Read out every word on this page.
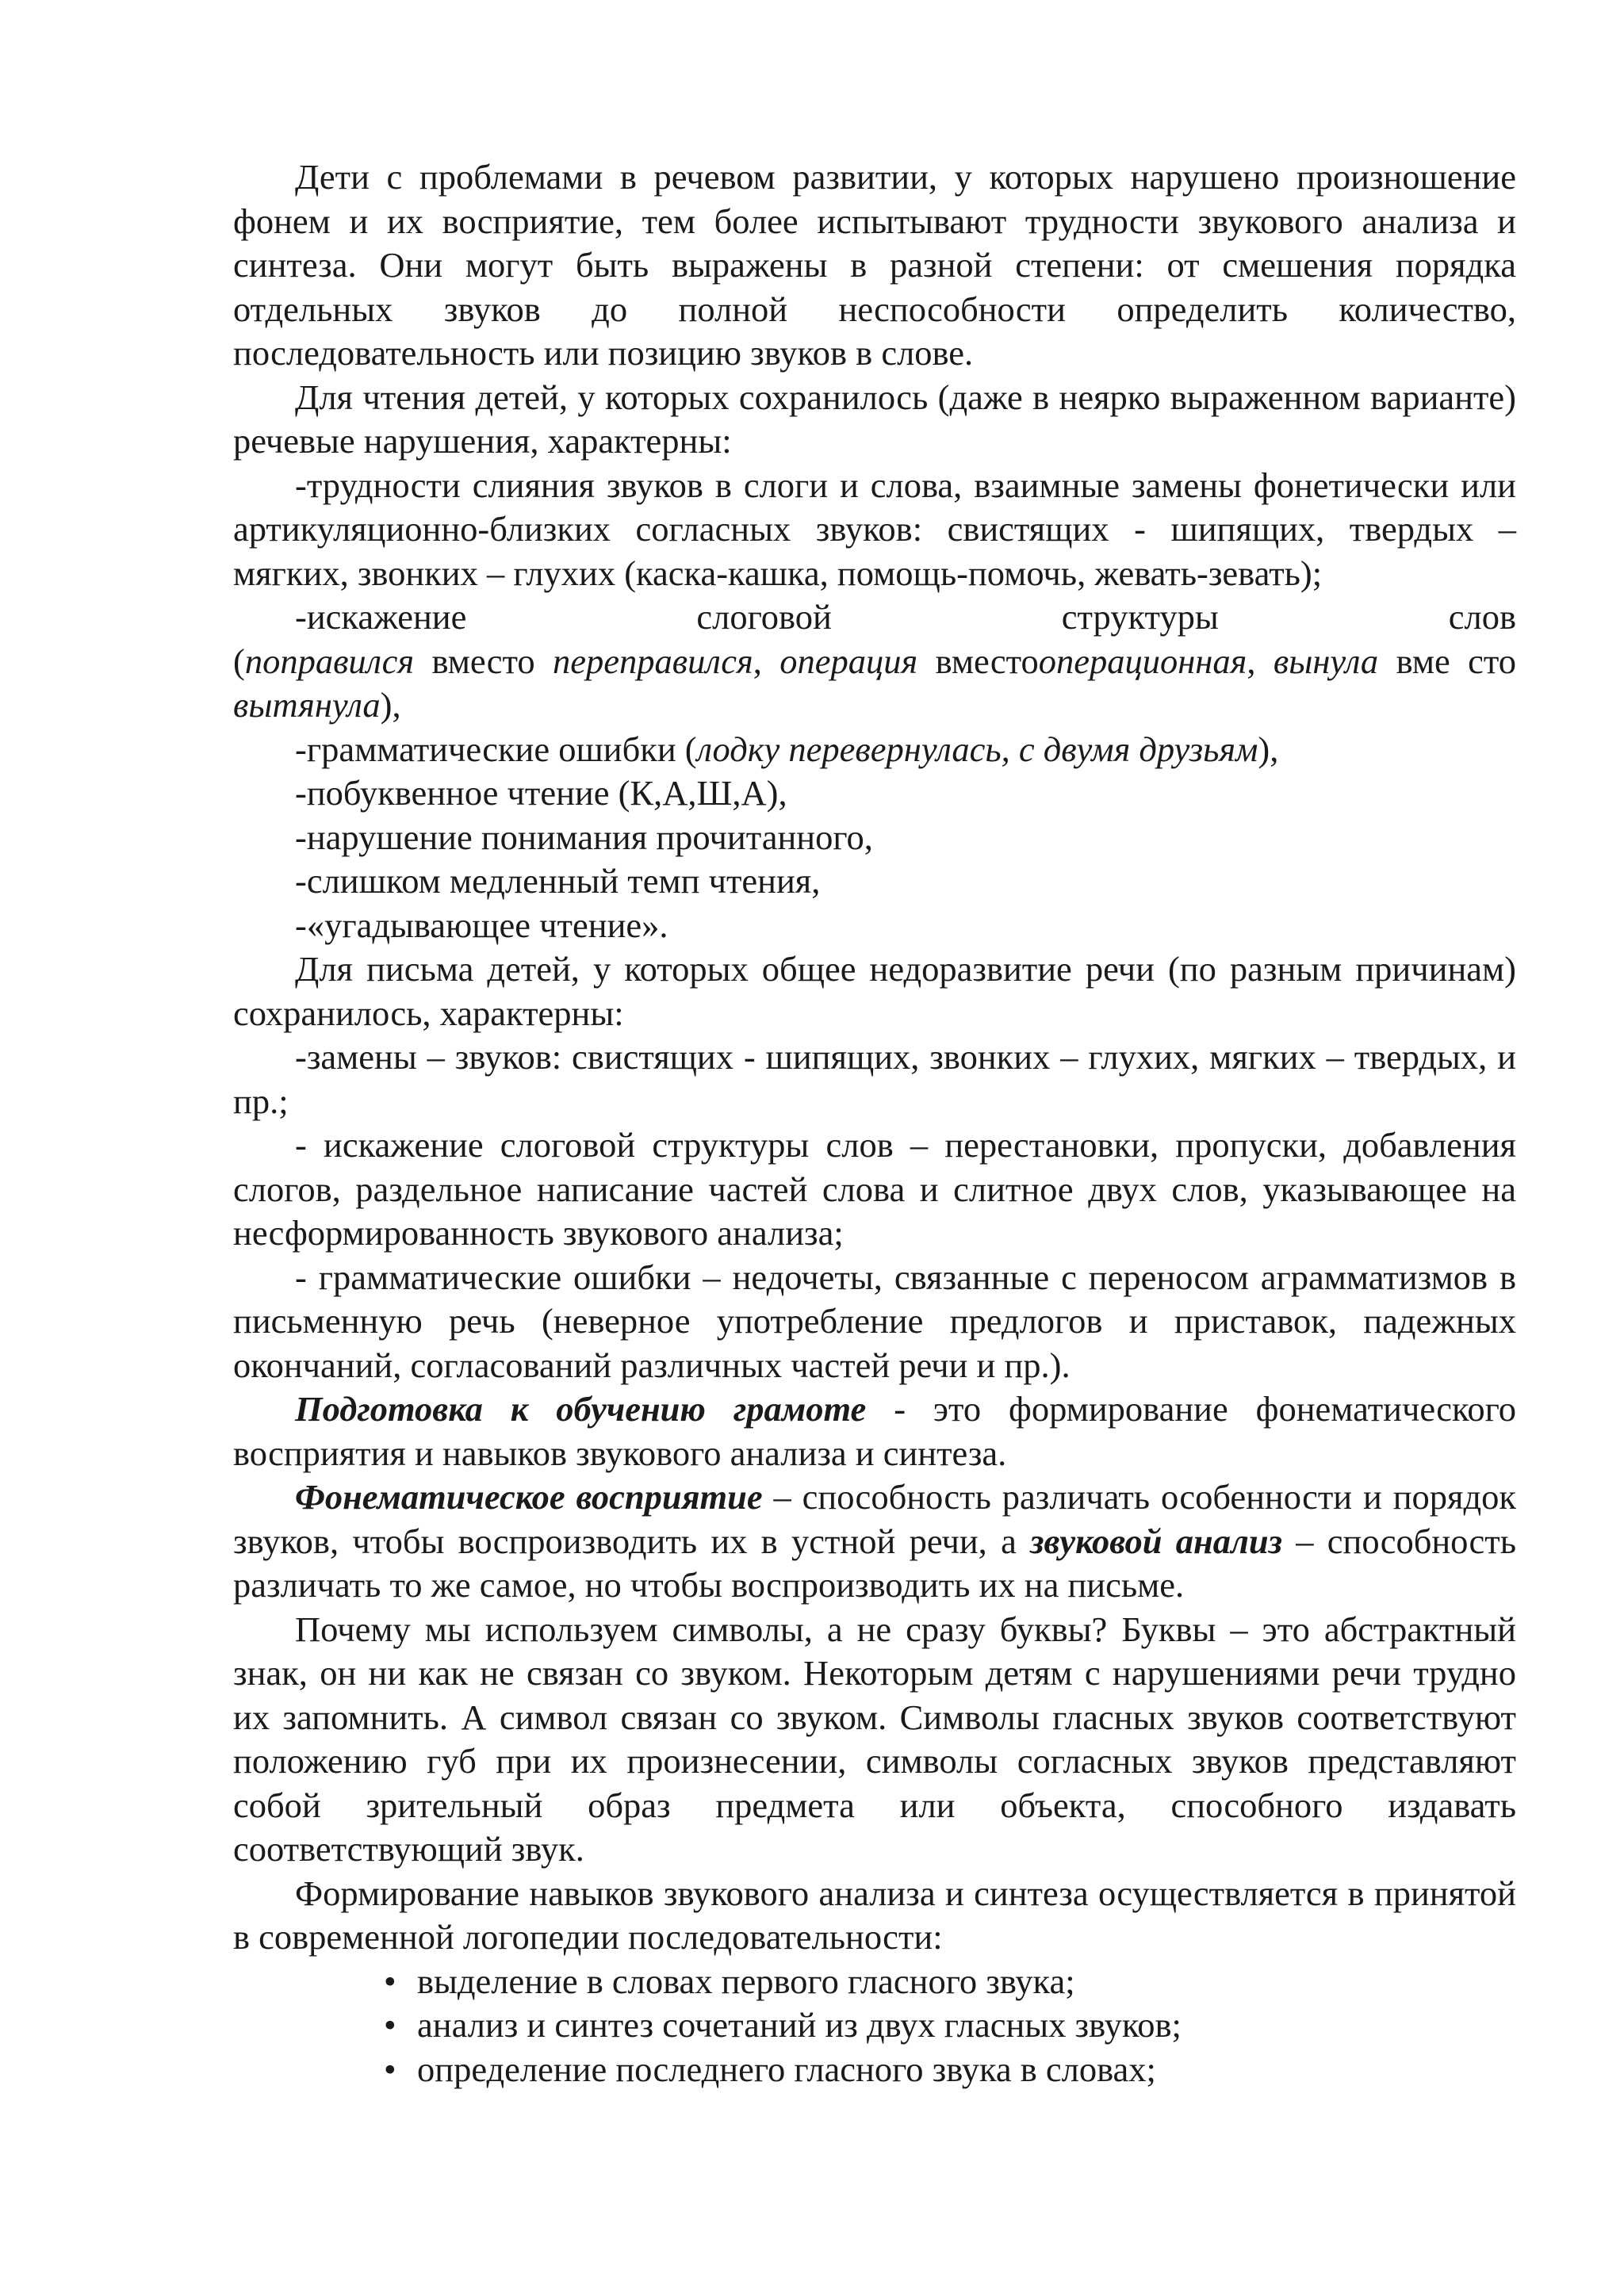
Дети с проблемами в речевом развитии, у которых нарушено произношение фонем и их восприятие, тем более испытывают трудности звукового анализа и синтеза. Они могут быть выражены в разной степени: от смешения порядка отдельных звуков до полной неспособности определить количество, последовательность или позицию звуков в слове.

Для чтения детей, у которых сохранилось (даже в неярко выраженном варианте) речевые нарушения, характерны:

-трудности слияния звуков в слоги и слова, взаимные замены фонетически или артикуляционно-близких согласных звуков: свистящих - шипящих, твердых – мягких, звонких – глухих (каска-кашка, помощь-помочь, жевать-зевать);

-искажение слоговой структуры слов

(поправился вместо переправился, операция вместооперационная, вынула вме сто вытянула),

-грамматические ошибки (лодку перевернулась, с двумя друзьям),

-побуквенное чтение (К,А,Ш,А),

-нарушение понимания прочитанного,

-слишком медленный темп чтения,

-«угадывающее чтение».

Для письма детей, у которых общее недоразвитие речи (по разным причинам) сохранилось, характерны:

-замены – звуков: свистящих - шипящих, звонких – глухих, мягких – твердых, и пр.;

- искажение слоговой структуры слов – перестановки, пропуски, добавления слогов, раздельное написание частей слова и слитное двух слов, указывающее на несформированность звукового анализа;

- грамматические ошибки – недочеты, связанные с переносом аграмматизмов в письменную речь (неверное употребление предлогов и приставок, падежных окончаний, согласований различных частей речи и пр.).

Подготовка к обучению грамоте - это формирование фонематического восприятия и навыков звукового анализа и синтеза.

Фонематическое восприятие – способность различать особенности и порядок звуков, чтобы воспроизводить их в устной речи, а звуковой анализ – способность различать то же самое, но чтобы воспроизводить их на письме.

Почему мы используем символы, а не сразу буквы? Буквы – это абстрактный знак, он ни как не связан со звуком. Некоторым детям с нарушениями речи трудно их запомнить. А символ связан со звуком. Символы гласных звуков соответствуют положению губ при их произнесении, символы согласных звуков представляют собой зрительный образ предмета или объекта, способного издавать соответствующий звук.

Формирование навыков звукового анализа и синтеза осуществляется в принятой в современной логопедии последовательности:

• выделение в словах первого гласного звука;
• анализ и синтез сочетаний из двух гласных звуков;
• определение последнего гласного звука в словах;
